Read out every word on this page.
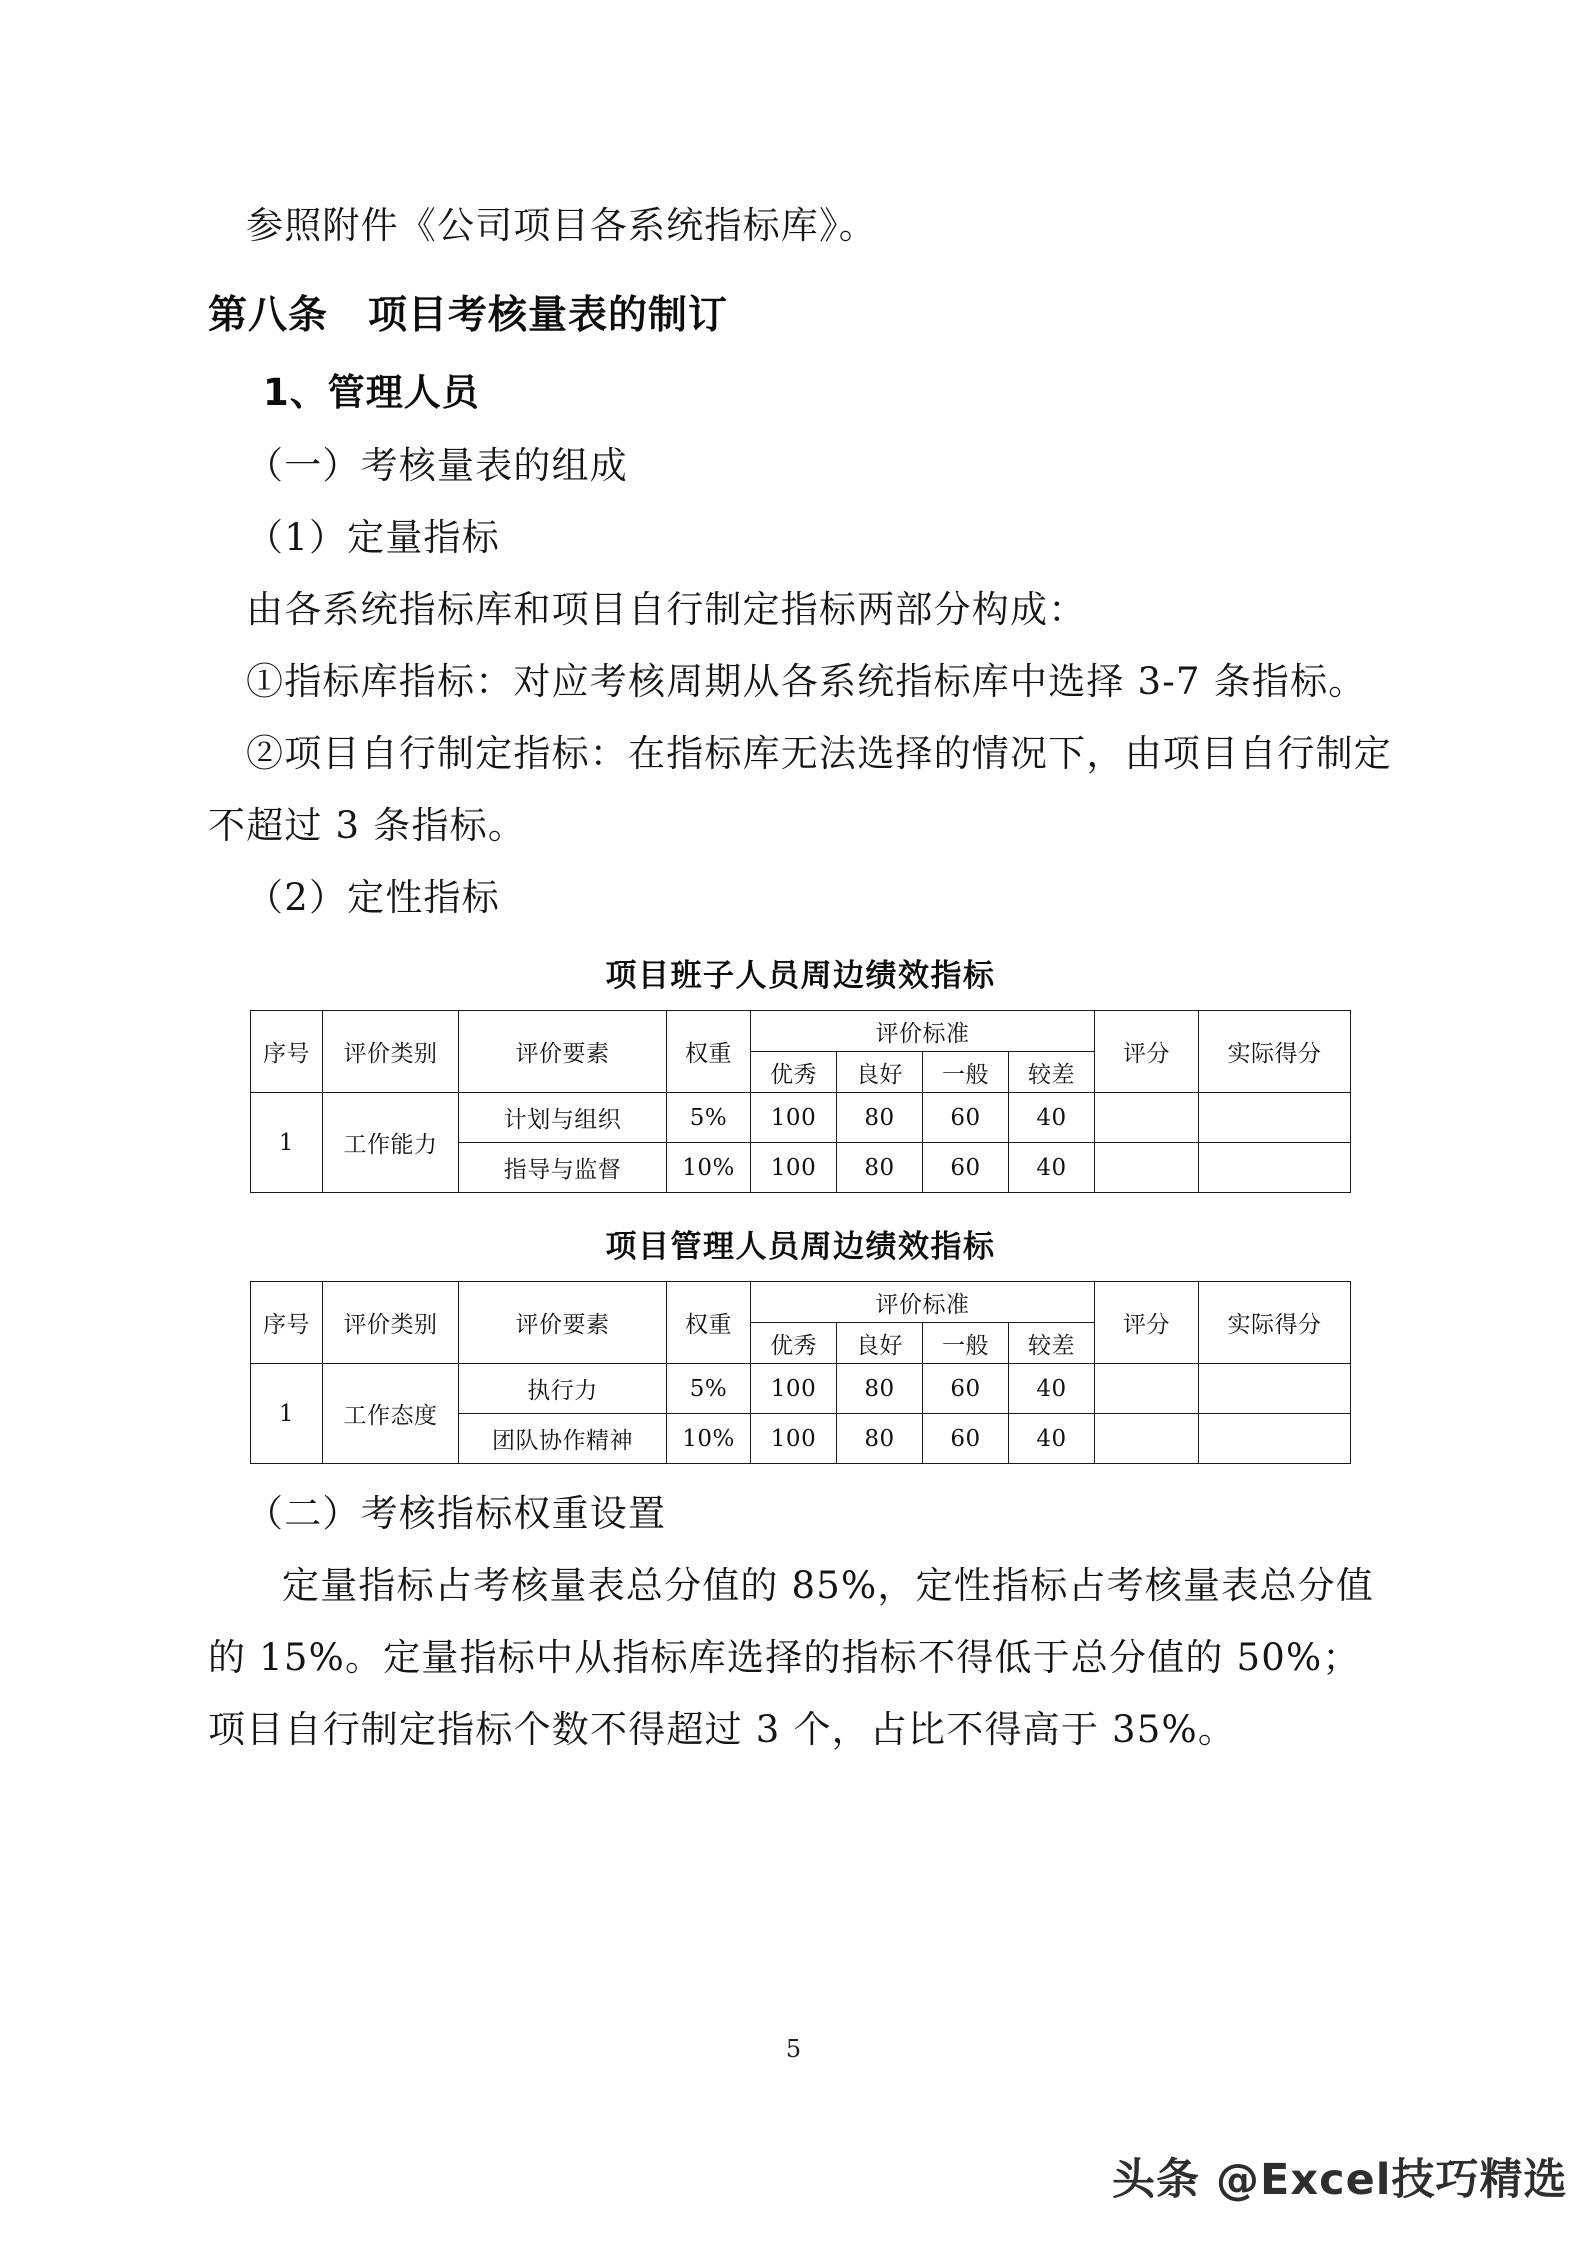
参照附件《公司项目各系统指标库》。

第八条　项目考核量表的制订
1、管理人员

（一）考核量表的组成

（1）定量指标

由各系统指标库和项目自行制定指标两部分构成：

①指标库指标：对应考核周期从各系统指标库中选择 3-7 条指标。

②项目自行制定指标：在指标库无法选择的情况下，由项目自行制定不超过 3 条指标。

（2）定性指标

项目班子人员周边绩效指标
序号	评价类别	评价要素	权重	评价标准				评分	实际得分
				优秀	良好	一般	较差		
1	工作能力	计划与组织	5%	100	80	60	40		
		指导与监督	10%	100	80	60	40		
项目管理人员周边绩效指标
序号	评价类别	评价要素	权重	评价标准				评分	实际得分
				优秀	良好	一般	较差		
1	工作态度	执行力	5%	100	80	60	40		
		团队协作精神	10%	100	80	60	40		

（二）考核指标权重设置

定量指标占考核量表总分值的 85%，定性指标占考核量表总分值的 15%。定量指标中从指标库选择的指标不得低于总分值的 50%；项目自行制定指标个数不得超过 3 个，占比不得高于 35%。

5
头条 @Excel技巧精选
